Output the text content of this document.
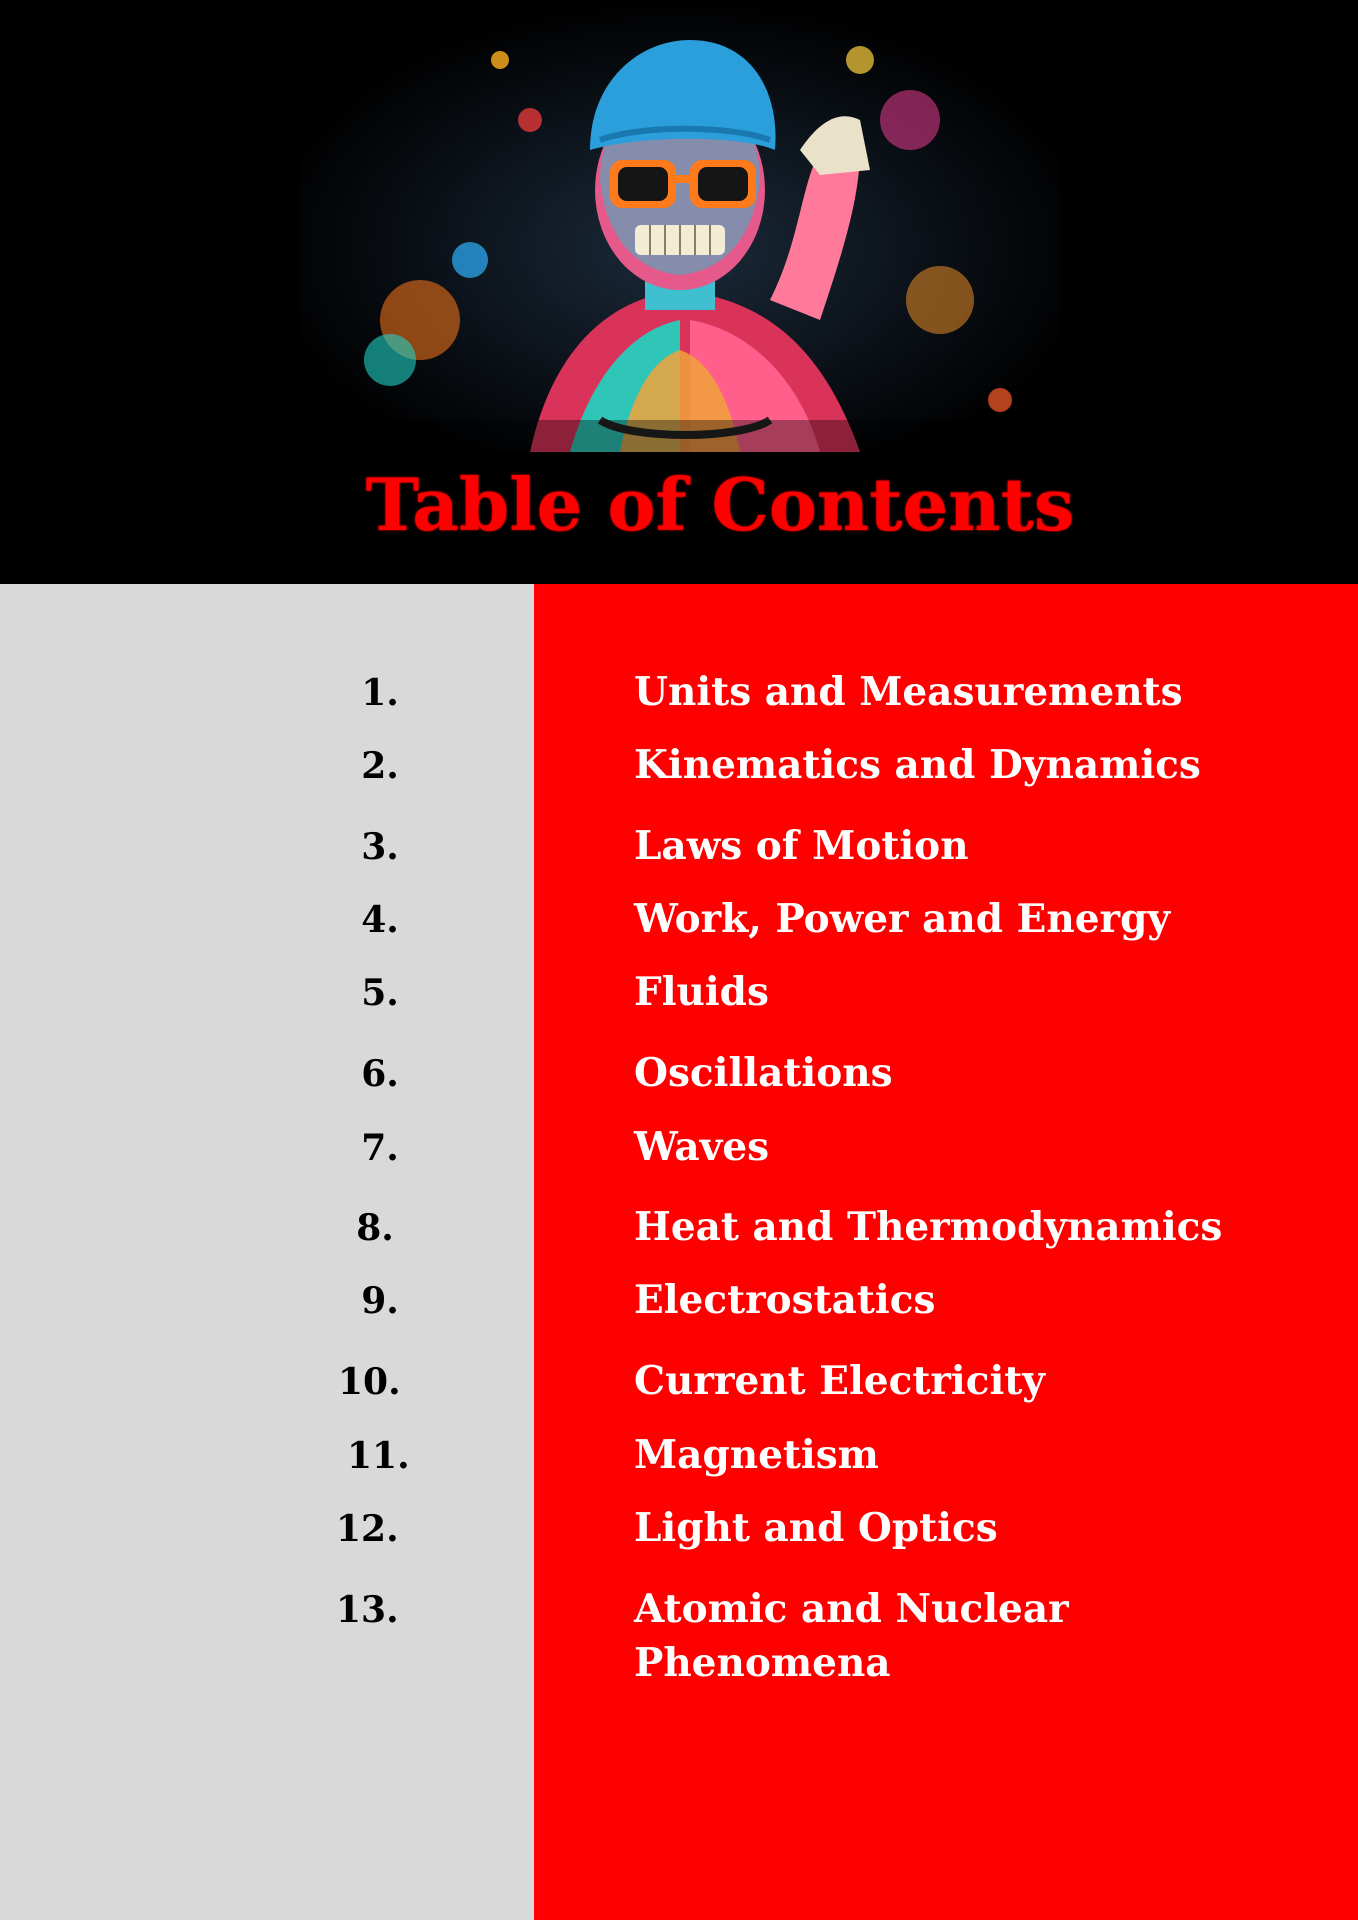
Table of Contents
1.	Units and Measurements
2.	Kinematics and Dynamics
3.	Laws of Motion
4.	Work, Power and Energy
5.	Fluids
6.	Oscillations
7.	Waves
8.	Heat and Thermodynamics
9.	Electrostatics
10.	Current Electricity
11.	Magnetism
12.	Light and Optics
13.	Atomic and Nuclear Phenomena
